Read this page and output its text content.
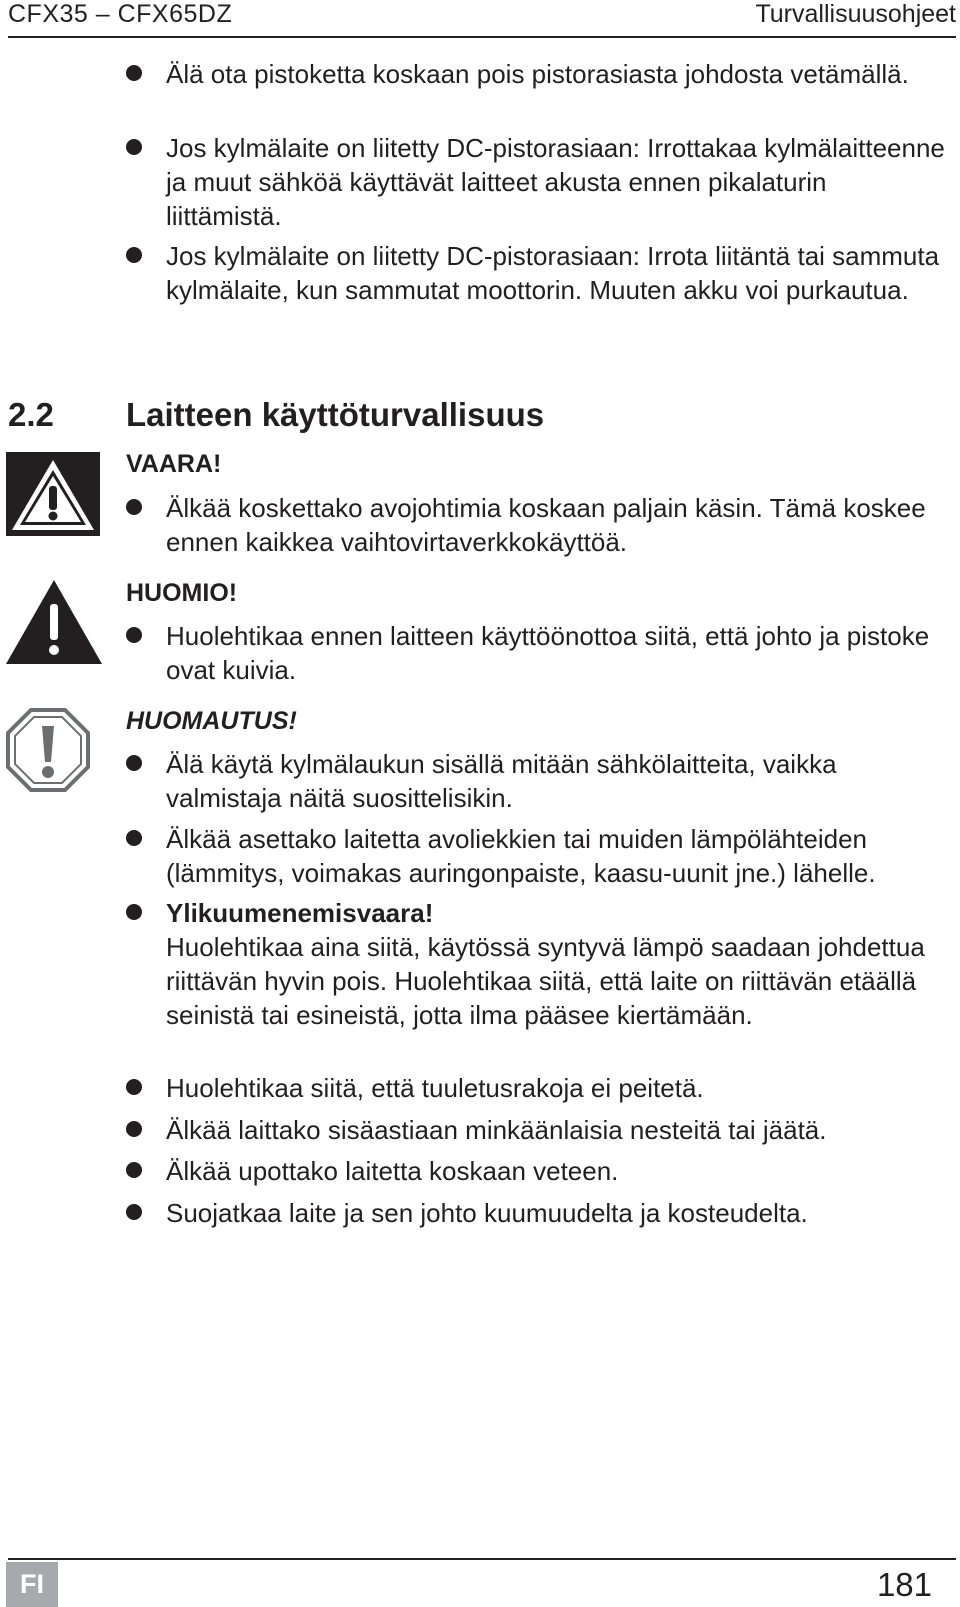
CFX35 – CFX65DZ	Turvallisuusohjeet
Älä ota pistoketta koskaan pois pistorasiasta johdosta vetämällä.
Jos kylmälaite on liitetty DC-pistorasiaan: Irrottakaa kylmälaitteenne ja muut sähköä käyttävät laitteet akusta ennen pikalaturin liittämistä.
Jos kylmälaite on liitetty DC-pistorasiaan: Irrota liitäntä tai sammuta kylmälaite, kun sammutat moottorin. Muuten akku voi purkautua.
2.2 Laitteen käyttöturvallisuus
VAARA!
Älkää koskettako avojohtimia koskaan paljain käsin. Tämä koskee ennen kaikkea vaihtovirtaverkkokäyttöä.
HUOMIO!
Huolehtikaa ennen laitteen käyttöönottoa siitä, että johto ja pistoke ovat kuivia.
HUOMAUTUS!
Älä käytä kylmälaukun sisällä mitään sähkölaitteita, vaikka valmistaja näitä suosittelisikin.
Älkää asettako laitetta avoliekkien tai muiden lämpölähteiden (lämmitys, voimakas auringonpaiste, kaasu-uunit jne.) lähelle.
Ylikuumenemisvaara!
Huolehtikaa aina siitä, käytössä syntyvä lämpö saadaan johdettua riittävän hyvin pois. Huolehtikaa siitä, että laite on riittävän etäällä seinistä tai esineistä, jotta ilma pääsee kiertämään.
Huolehtikaa siitä, että tuuletusrakoja ei peitetä.
Älkää laittako sisäastiaan minkäänlaisia nesteitä tai jäätä.
Älkää upottako laitetta koskaan veteen.
Suojatkaa laite ja sen johto kuumuudelta ja kosteudelta.
FI	181
